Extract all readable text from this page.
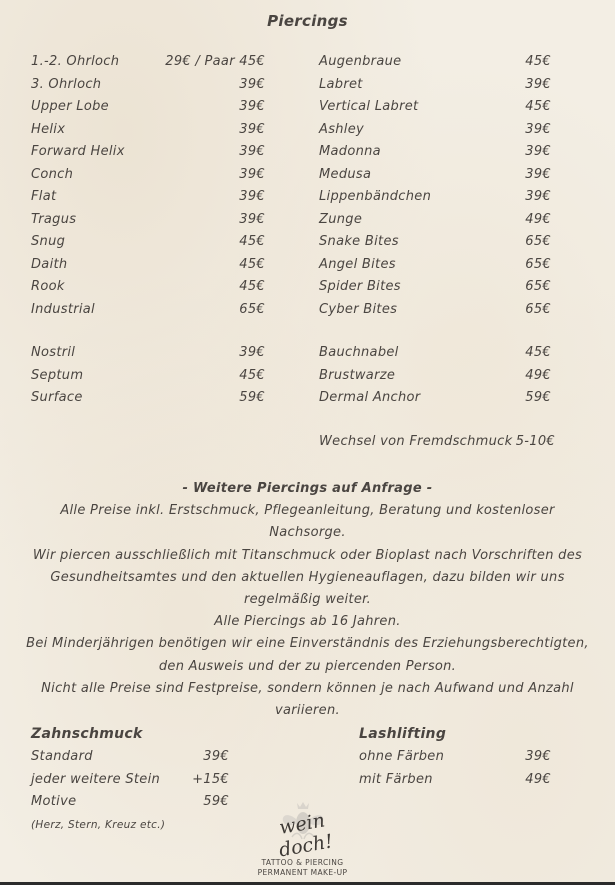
Piercings
1.-2. Ohrloch	29€ / Paar 45€
3. Ohrloch	39€
Upper Lobe	39€
Helix	39€
Forward Helix	39€
Conch	39€
Flat	39€
Tragus	39€
Snug	45€
Daith	45€
Rook	45€
Industrial	65€
Augenbraue	45€
Labret	39€
Vertical Labret	45€
Ashley	39€
Madonna	39€
Medusa	39€
Lippenbändchen	39€
Zunge	49€
Snake Bites	65€
Angel Bites	65€
Spider Bites	65€
Cyber Bites	65€
Nostril	39€
Septum	45€
Surface	59€
Bauchnabel	45€
Brustwarze	49€
Dermal Anchor	59€
Wechsel von Fremdschmuck 5-10€

- Weitere Piercings auf Anfrage -

Alle Preise inkl. Erstschmuck, Pflegeanleitung, Beratung und kostenloser Nachsorge.

Wir piercen ausschließlich mit Titanschmuck oder Bioplast nach Vorschriften des Gesundheitsamtes und den aktuellen Hygieneauflagen, dazu bilden wir uns regelmäßig weiter.

Alle Piercings ab 16 Jahren.

Bei Minderjährigen benötigen wir eine Einverständnis des Erziehungsberechtigten, den Ausweis und der zu piercenden Person.

Nicht alle Preise sind Festpreise, sondern können je nach Aufwand und Anzahl variieren.

Zahnschmuck
Standard	39€
jeder weitere Stein +15€
Motive	59€
(Herz, Stern, Kreuz etc.)
Lashlifting
ohne Färben	39€
mit Färben	49€
wein doch!
TATTOO & PIERCING
PERMANENT MAKE-UP
